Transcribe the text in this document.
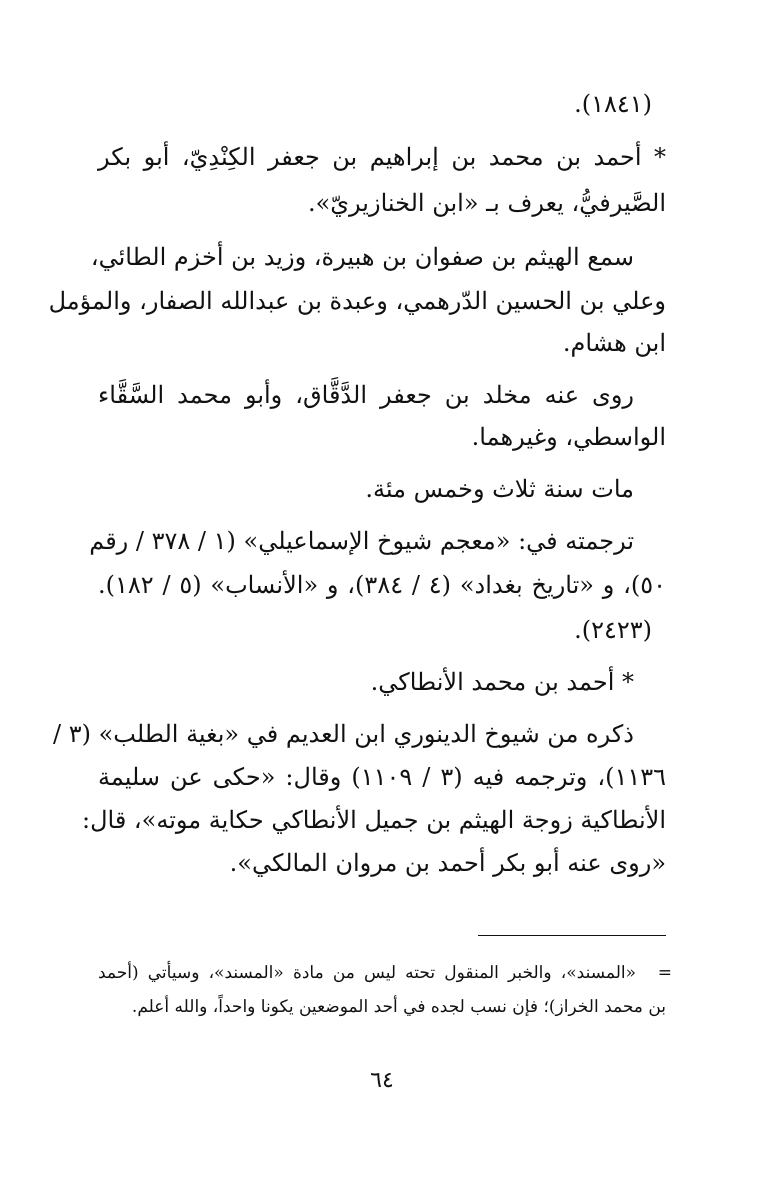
(١٨٤١).

* أحمد بن محمد بن إبراهيم بن جعفر الكِنْدِيّ، أبو بكر

الصَّيرفيُّ، يعرف بـ «ابن الخنازيريّ».

سمع الهيثم بن صفوان بن هبيرة، وزيد بن أخزم الطائي،

وعلي بن الحسين الدّرهمي، وعبدة بن عبدالله الصفار، والمؤمل

ابن هشام.

روى عنه مخلد بن جعفر الدَّقَّاق، وأبو محمد السَّقَّاء

الواسطي، وغيرهما.

مات سنة ثلاث وخمس مئة.

ترجمته في: «معجم شيوخ الإسماعيلي» (١ / ٣٧٨ / رقم

٥٠)، و «تاريخ بغداد» (٤ / ٣٨٤)، و «الأنساب» (٥ / ١٨٢).

(٢٤٢٣).

* أحمد بن محمد الأنطاكي.

ذكره من شيوخ الدينوري ابن العديم في «بغية الطلب» (٣ /

١١٣٦)، وترجمه فيه (٣ / ١١٠٩) وقال: «حكى عن سليمة

الأنطاكية زوجة الهيثم بن جميل الأنطاكي حكاية موته»، قال:

«روى عنه أبو بكر أحمد بن مروان المالكي».

=

«المسند»، والخبر المنقول تحته ليس من مادة «المسند»، وسيأتي (أحمد

بن محمد الخراز)؛ فإن نسب لجده في أحد الموضعين يكونا واحداً، والله أعلم.

٦٤
